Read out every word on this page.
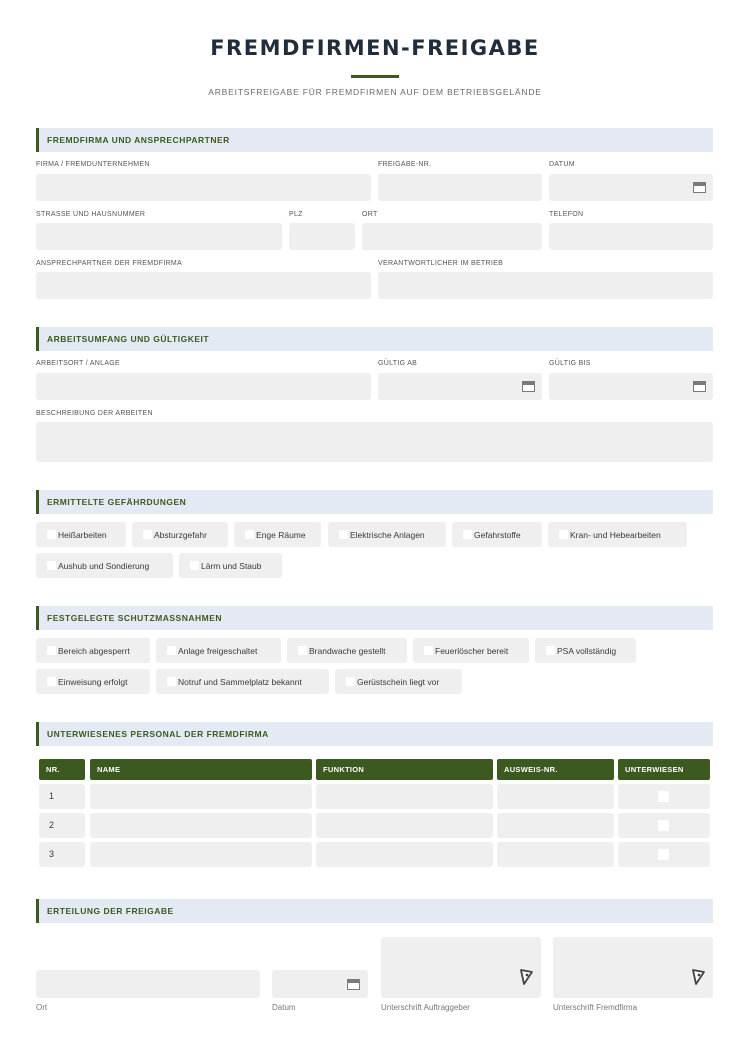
FREMDFIRMEN-FREIGABE
ARBEITSFREIGABE FÜR FREMDFIRMEN AUF DEM BETRIEBSGELÄNDE
FREMDFIRMA UND ANSPRECHPARTNER
FIRMA / FREMDUNTERNEHMEN	FREIGABE-NR.	DATUM
STRASSE UND HAUSNUMMER	PLZ	ORT	TELEFON
ANSPRECHPARTNER DER FREMDFIRMA	VERANTWORTLICHER IM BETRIEB
ARBEITSUMFANG UND GÜLTIGKEIT
ARBEITSORT / ANLAGE	GÜLTIG AB	GÜLTIG BIS
BESCHREIBUNG DER ARBEITEN
ERMITTELTE GEFÄHRDUNGEN
Heißarbeiten	Absturzgefahr	Enge Räume	Elektrische Anlagen	Gefahrstoffe	Kran- und Hebearbeiten
Aushub und Sondierung	Lärm und Staub
FESTGELEGTE SCHUTZMASSNAHMEN
Bereich abgesperrt	Anlage freigeschaltet	Brandwache gestellt	Feuerlöscher bereit	PSA vollständig
Einweisung erfolgt	Notruf und Sammelplatz bekannt	Gerüstschein liegt vor
UNTERWIESENES PERSONAL DER FREMDFIRMA
NR.	NAME	FUNKTION	AUSWEIS-NR.	UNTERWIESEN
1
2
3
ERTEILUNG DER FREIGABE
Ort	Datum	Unterschrift Auftraggeber	Unterschrift Fremdfirma
